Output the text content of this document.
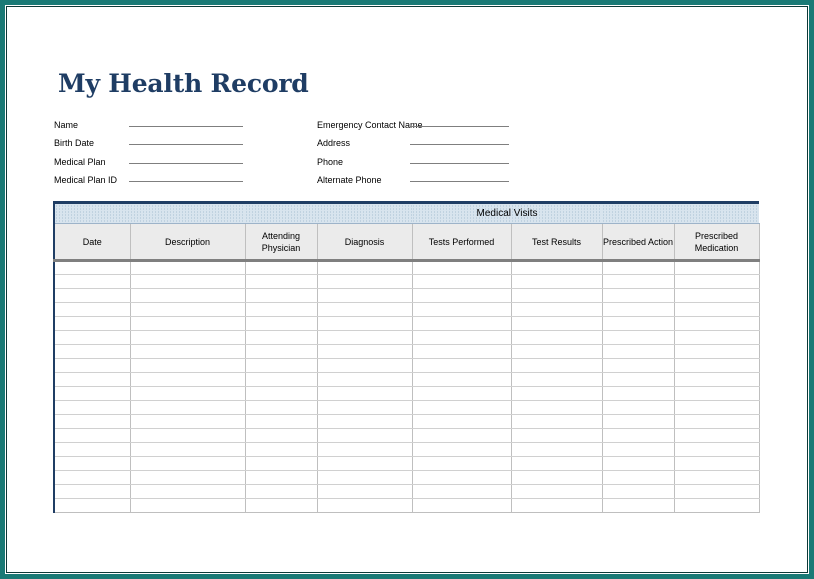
My Health Record
Name
Birth Date
Medical Plan
Medical Plan ID
Emergency Contact Name
Address
Phone
Alternate Phone
				Medical Visits			
Date	Description	Attending Physician	Diagnosis	Tests Performed	Test Results	Prescribed Action	Prescribed Medication
